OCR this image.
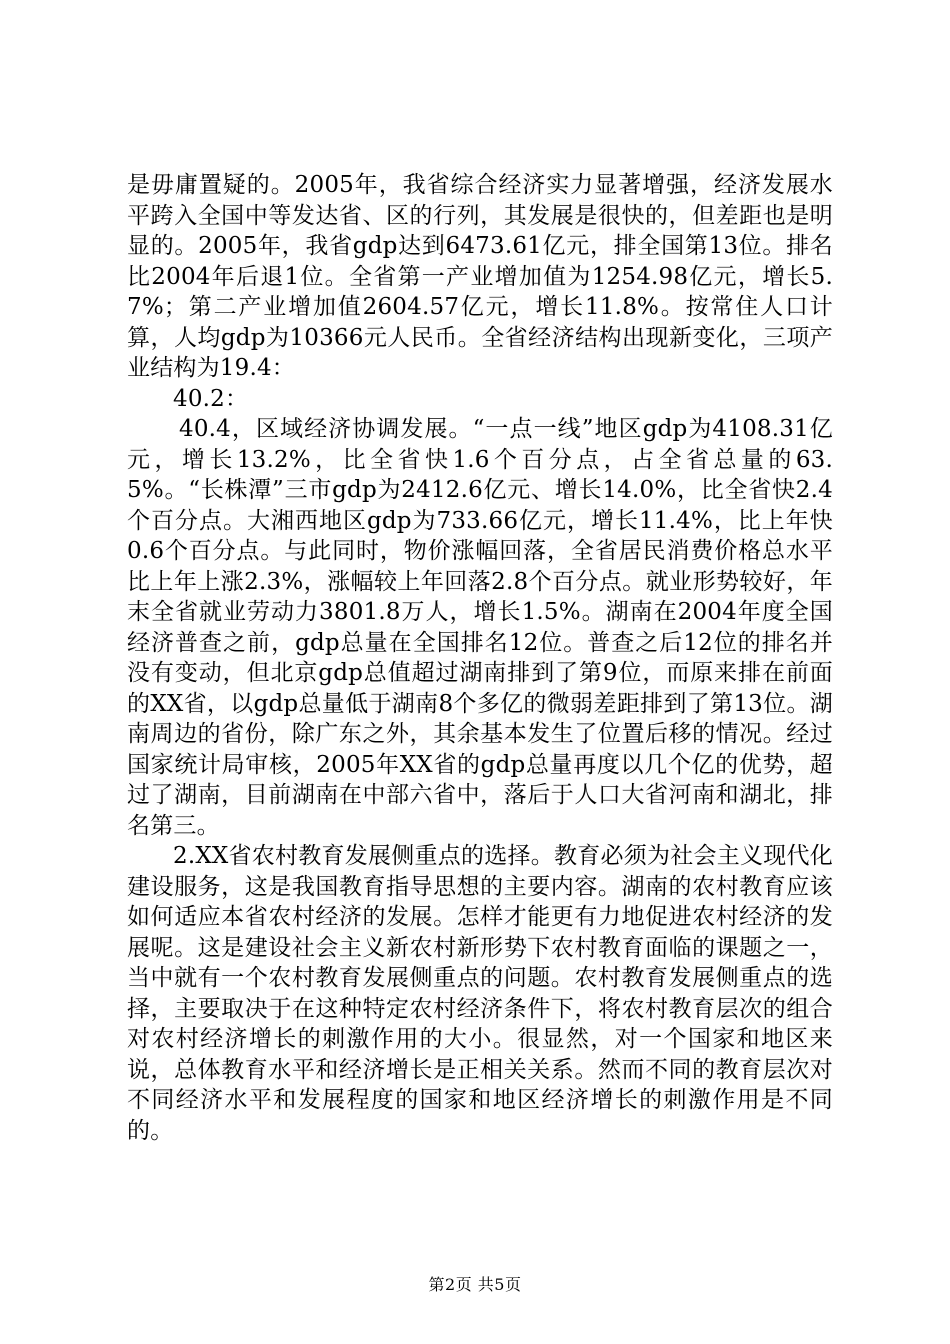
是毋庸置疑的。2005年，我省综合经济实力显著增强，经济发展水平跨入全国中等发达省、区的行列，其发展是很快的，但差距也是明显的。2005年，我省gdp达到6473.61亿元，排全国第13位。排名比2004年后退1位。全省第一产业增加值为1254.98亿元，增长5.7%；第二产业增加值2604.57亿元，增长11.8%。按常住人口计算，人均gdp为10366元人民币。全省经济结构出现新变化，三项产业结构为19.4：

40.2：

40.4，区域经济协调发展。“一点一线”地区gdp为4108.31亿元，增长13.2%，比全省快1.6个百分点，占全省总量的63.5%。“长株潭”三市gdp为2412.6亿元、增长14.0%，比全省快2.4个百分点。大湘西地区gdp为733.66亿元，增长11.4%，比上年快0.6个百分点。与此同时，物价涨幅回落，全省居民消费价格总水平比上年上涨2.3%，涨幅较上年回落2.8个百分点。就业形势较好，年末全省就业劳动力3801.8万人，增长1.5%。湖南在2004年度全国经济普查之前，gdp总量在全国排名12位。普查之后12位的排名并没有变动，但北京gdp总值超过湖南排到了第9位，而原来排在前面的XX省，以gdp总量低于湖南8个多亿的微弱差距排到了第13位。湖南周边的省份，除广东之外，其余基本发生了位置后移的情况。经过国家统计局审核，2005年XX省的gdp总量再度以几个亿的优势，超过了湖南，目前湖南在中部六省中，落后于人口大省河南和湖北，排名第三。

2.XX省农村教育发展侧重点的选择。教育必须为社会主义现代化建设服务，这是我国教育指导思想的主要内容。湖南的农村教育应该如何适应本省农村经济的发展。怎样才能更有力地促进农村经济的发展呢。这是建设社会主义新农村新形势下农村教育面临的课题之一，当中就有一个农村教育发展侧重点的问题。农村教育发展侧重点的选择，主要取决于在这种特定农村经济条件下，将农村教育层次的组合对农村经济增长的刺激作用的大小。很显然，对一个国家和地区来说，总体教育水平和经济增长是正相关关系。然而不同的教育层次对不同经济水平和发展程度的国家和地区经济增长的刺激作用是不同的。

第2页 共5页
